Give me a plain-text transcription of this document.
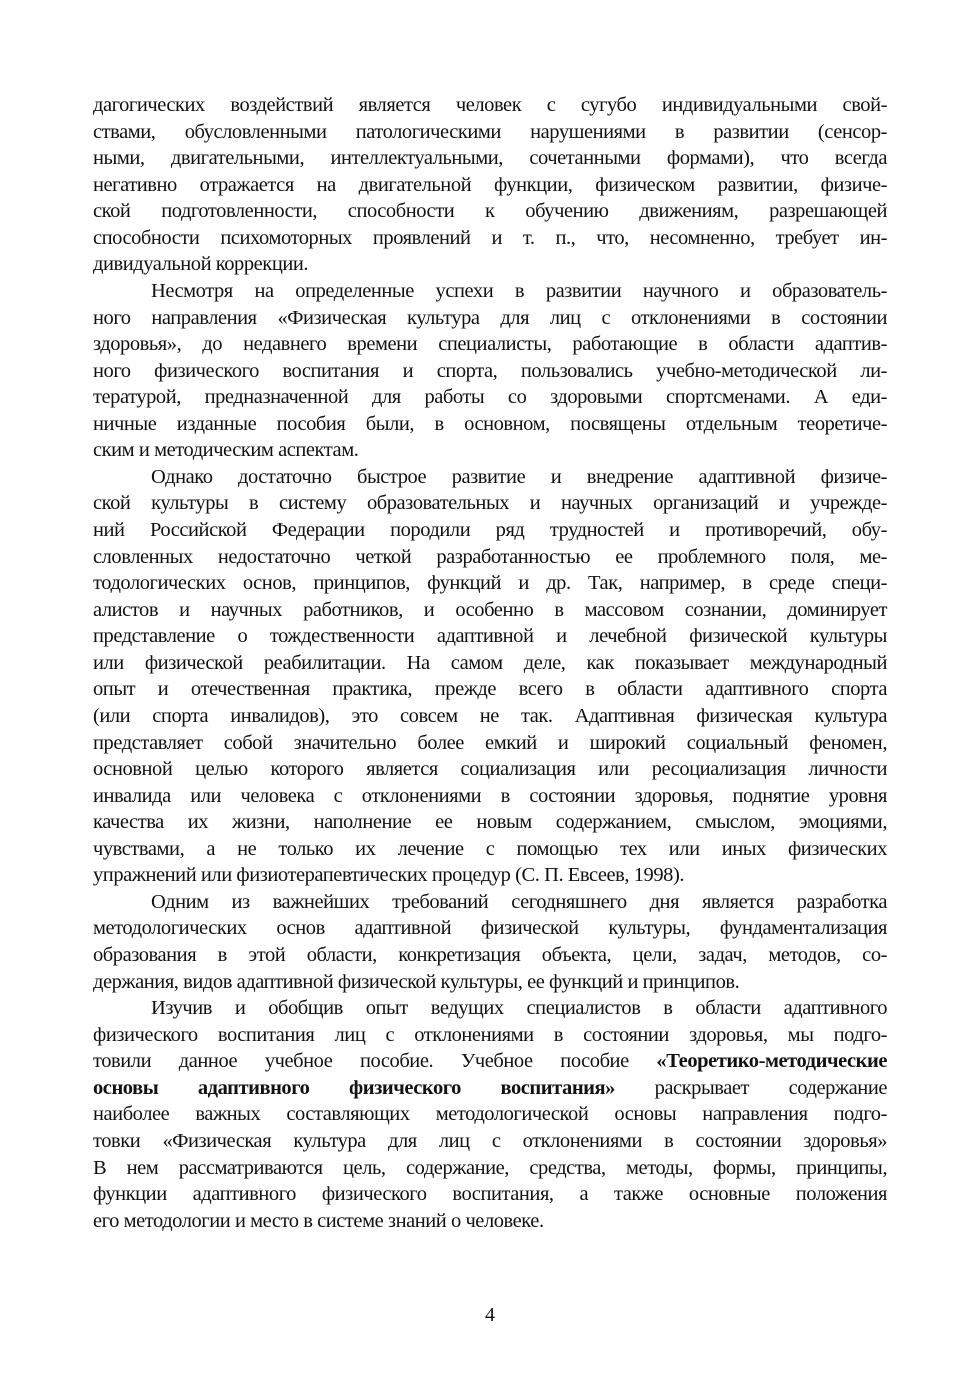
дагогических воздействий является человек с сугубо индивидуальными свой-
ствами, обусловленными патологическими нарушениями в развитии (сенсор-
ными, двигательными, интеллектуальными, сочетанными формами), что всегда
негативно отражается на двигательной функции, физическом развитии, физиче-
ской подготовленности, способности к обучению движениям, разрешающей
способности психомоторных проявлений и т. п., что, несомненно, требует ин-
дивидуальной коррекции.
Несмотря на определенные успехи в развитии научного и образователь-
ного направления «Физическая культура для лиц с отклонениями в состоянии
здоровья», до недавнего времени специалисты, работающие в области адаптив-
ного физического воспитания и спорта, пользовались учебно-методической ли-
тературой, предназначенной для работы со здоровыми спортсменами. А еди-
ничные изданные пособия были, в основном, посвящены отдельным теоретиче-
ским и методическим аспектам.
Однако достаточно быстрое развитие и внедрение адаптивной физиче-
ской культуры в систему образовательных и научных организаций и учрежде-
ний Российской Федерации породили ряд трудностей и противоречий, обу-
словленных недостаточно четкой разработанностью ее проблемного поля, ме-
тодологических основ, принципов, функций и др. Так, например, в среде специ-
алистов и научных работников, и особенно в массовом сознании, доминирует
представление о тождественности адаптивной и лечебной физической культуры
или физической реабилитации. На самом деле, как показывает международный
опыт и отечественная практика, прежде всего в области адаптивного спорта
(или спорта инвалидов), это совсем не так. Адаптивная физическая культура
представляет собой значительно более емкий и широкий социальный феномен,
основной целью которого является социализация или ресоциализация личности
инвалида или человека с отклонениями в состоянии здоровья, поднятие уровня
качества их жизни, наполнение ее новым содержанием, смыслом, эмоциями,
чувствами, а не только их лечение с помощью тех или иных физических
упражнений или физиотерапевтических процедур (С. П. Евсеев, 1998).
Одним из важнейших требований сегодняшнего дня является разработка
методологических основ адаптивной физической культуры, фундаментализация
образования в этой области, конкретизация объекта, цели, задач, методов, со-
держания, видов адаптивной физической культуры, ее функций и принципов.
Изучив и обобщив опыт ведущих специалистов в области адаптивного
физического воспитания лиц с отклонениями в состоянии здоровья, мы подго-
товили данное учебное пособие. Учебное пособие «Теоретико-методические
основы адаптивного физического воспитания» раскрывает содержание
наиболее важных составляющих методологической основы направления подго-
товки «Физическая культура для лиц с отклонениями в состоянии здоровья»
В нем рассматриваются цель, содержание, средства, методы, формы, принципы,
функции адаптивного физического воспитания, а также основные положения
его методологии и место в системе знаний о человеке.
4
